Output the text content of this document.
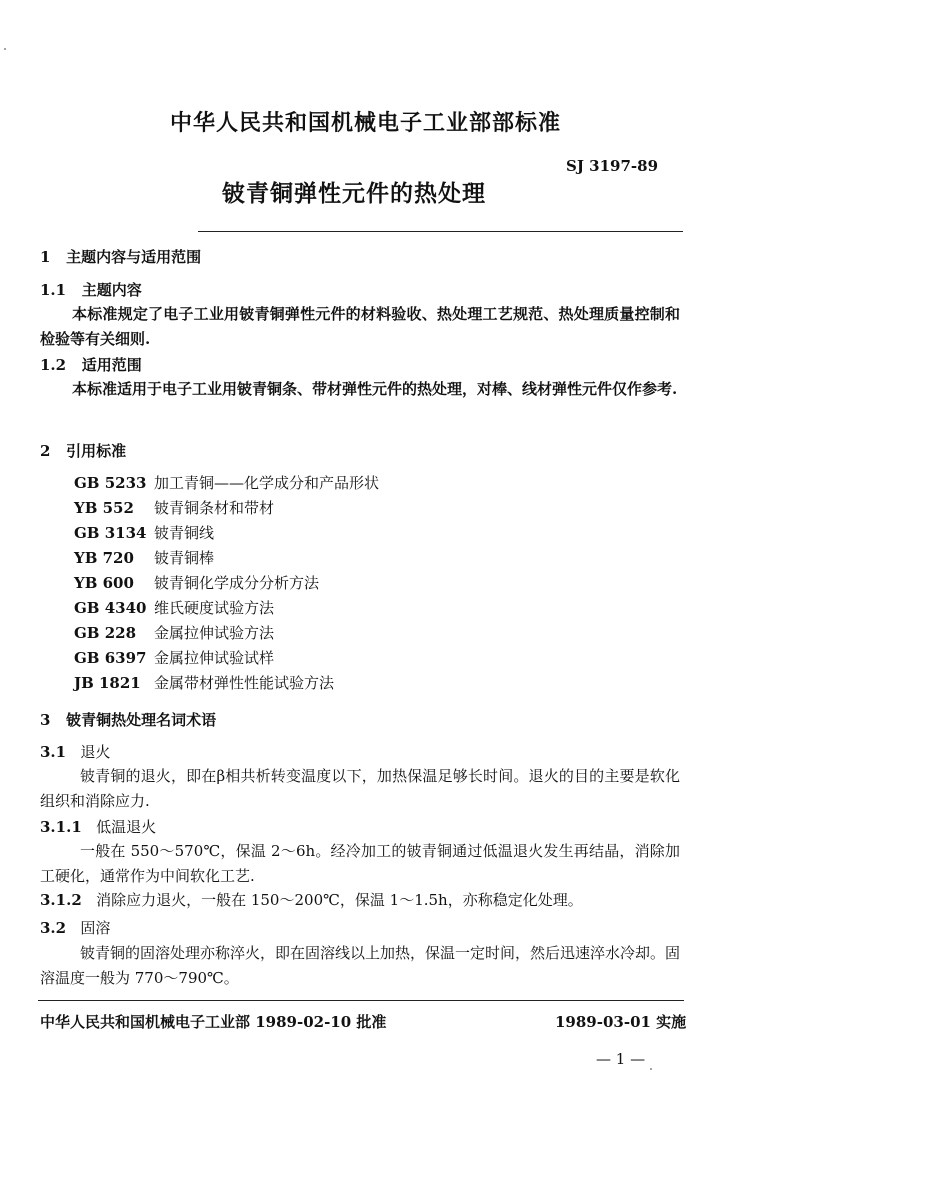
中华人民共和国机械电子工业部部标准
SJ 3197-89
铍青铜弹性元件的热处理
1 主题内容与适用范围
1.1 主题内容
本标准规定了电子工业用铍青铜弹性元件的材料验收、热处理工艺规范、热处理质量控制和检验等有关细则.
1.2 适用范围
本标准适用于电子工业用铍青铜条、带材弹性元件的热处理，对棒、线材弹性元件仅作参考.
2 引用标准
GB 5233 加工青铜——化学成分和产品形状
YB 552 铍青铜条材和带材
GB 3134 铍青铜线
YB 720 铍青铜棒
YB 600 铍青铜化学成分分析方法
GB 4340 维氏硬度试验方法
GB 228 金属拉伸试验方法
GB 6397 金属拉伸试验试样
JB 1821 金属带材弹性性能试验方法
3 铍青铜热处理名词术语
3.1 退火
铍青铜的退火，即在β相共析转变温度以下，加热保温足够长时间。退火的目的主要是软化组织和消除应力.
3.1.1 低温退火
一般在 550～570℃，保温 2～6h。经冷加工的铍青铜通过低温退火发生再结晶，消除加工硬化，通常作为中间软化工艺.
3.1.2 消除应力退火，一般在 150～200℃，保温 1～1.5h，亦称稳定化处理。
3.2 固溶
铍青铜的固溶处理亦称淬火，即在固溶线以上加热，保温一定时间，然后迅速淬水冷却。固溶温度一般为 770～790℃。
中华人民共和国机械电子工业部 1989-02-10 批准	1989-03-01 实施
— 1 —
